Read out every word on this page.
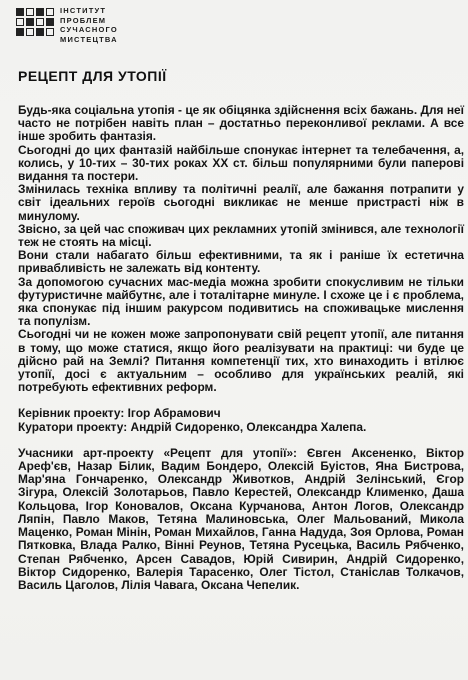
ІНСТИТУТ
ПРОБЛЕМ
СУЧАСНОГО
МИСТЕЦТВА
РЕЦЕПТ ДЛЯ УТОПІЇ

Будь-яка соціальна утопія - це як обіцянка здійснення всіх бажань. Для неї часто не потрібен навіть план – достатньо переконливої реклами. А все інше зробить фантазія.

Сьогодні до цих фантазій найбільше спонукає інтернет та телебачення, а, колись, у 10-тих – 30-тих роках ХХ ст. більш популярними були паперові видання та постери.

Змінилась техніка впливу та політичні реалії, але бажання потрапити у світ ідеальних героїв сьогодні викликає не менше пристрасті ніж в минулому.

Звісно, за цей час споживач цих рекламних утопій змінився, але технології теж не стоять на місці.

Вони стали набагато більш ефективними, та як і раніше їх естетична привабливість не залежать від контенту.

За допомогою сучасних мас-медіа можна зробити спокусливим не тільки футуристичне майбутнє, але і тоталітарне минуле. І схоже це і є проблема, яка спонукає під іншим ракурсом подивитись на споживацьке мислення та популізм.

Сьогодні чи не кожен може запропонувати свій рецепт утопії, але питання в тому, що може статися, якщо його реалізувати на практиці: чи буде це дійсно рай на Землі? Питання компетенції тих, хто винаходить і втілює утопії, досі є актуальним – особливо для українських реалій, які потребують ефективних реформ.

Керівник проекту: Ігор Абрамович

Куратори проекту: Андрій Сидоренко, Олександра Халепа.

Учасники арт-проекту «Рецепт для утопії»: Євген Аксененко, Віктор Ареф'єв, Назар Білик, Вадим Бондеро, Олексій Буістов, Яна Бистрова, Мар'яна Гончаренко, Олександр Животков, Андрій Зелінський, Єгор Зігура, Олексій Золотарьов, Павло Керестей, Олександр Клименко, Даша Кольцова, Ігор Коновалов, Оксана Курчанова, Антон Логов, Олександр Ляпін, Павло Маков, Тетяна Малиновська, Олег Мальований, Микола Маценко, Роман Мінін, Роман Михайлов, Ганна Надуда, Зоя Орлова, Роман Пятковка, Влада Ралко, Вінні Реунов, Тетяна Русецька, Василь Рябченко, Степан Рябченко, Арсен Савадов, Юрій Сивирин, Андрій Сидоренко, Віктор Сидоренко, Валерія Тарасенко, Олег Тістол, Станіслав Толкачов, Василь Цаголов, Лілія Чавага, Оксана Чепелик.
